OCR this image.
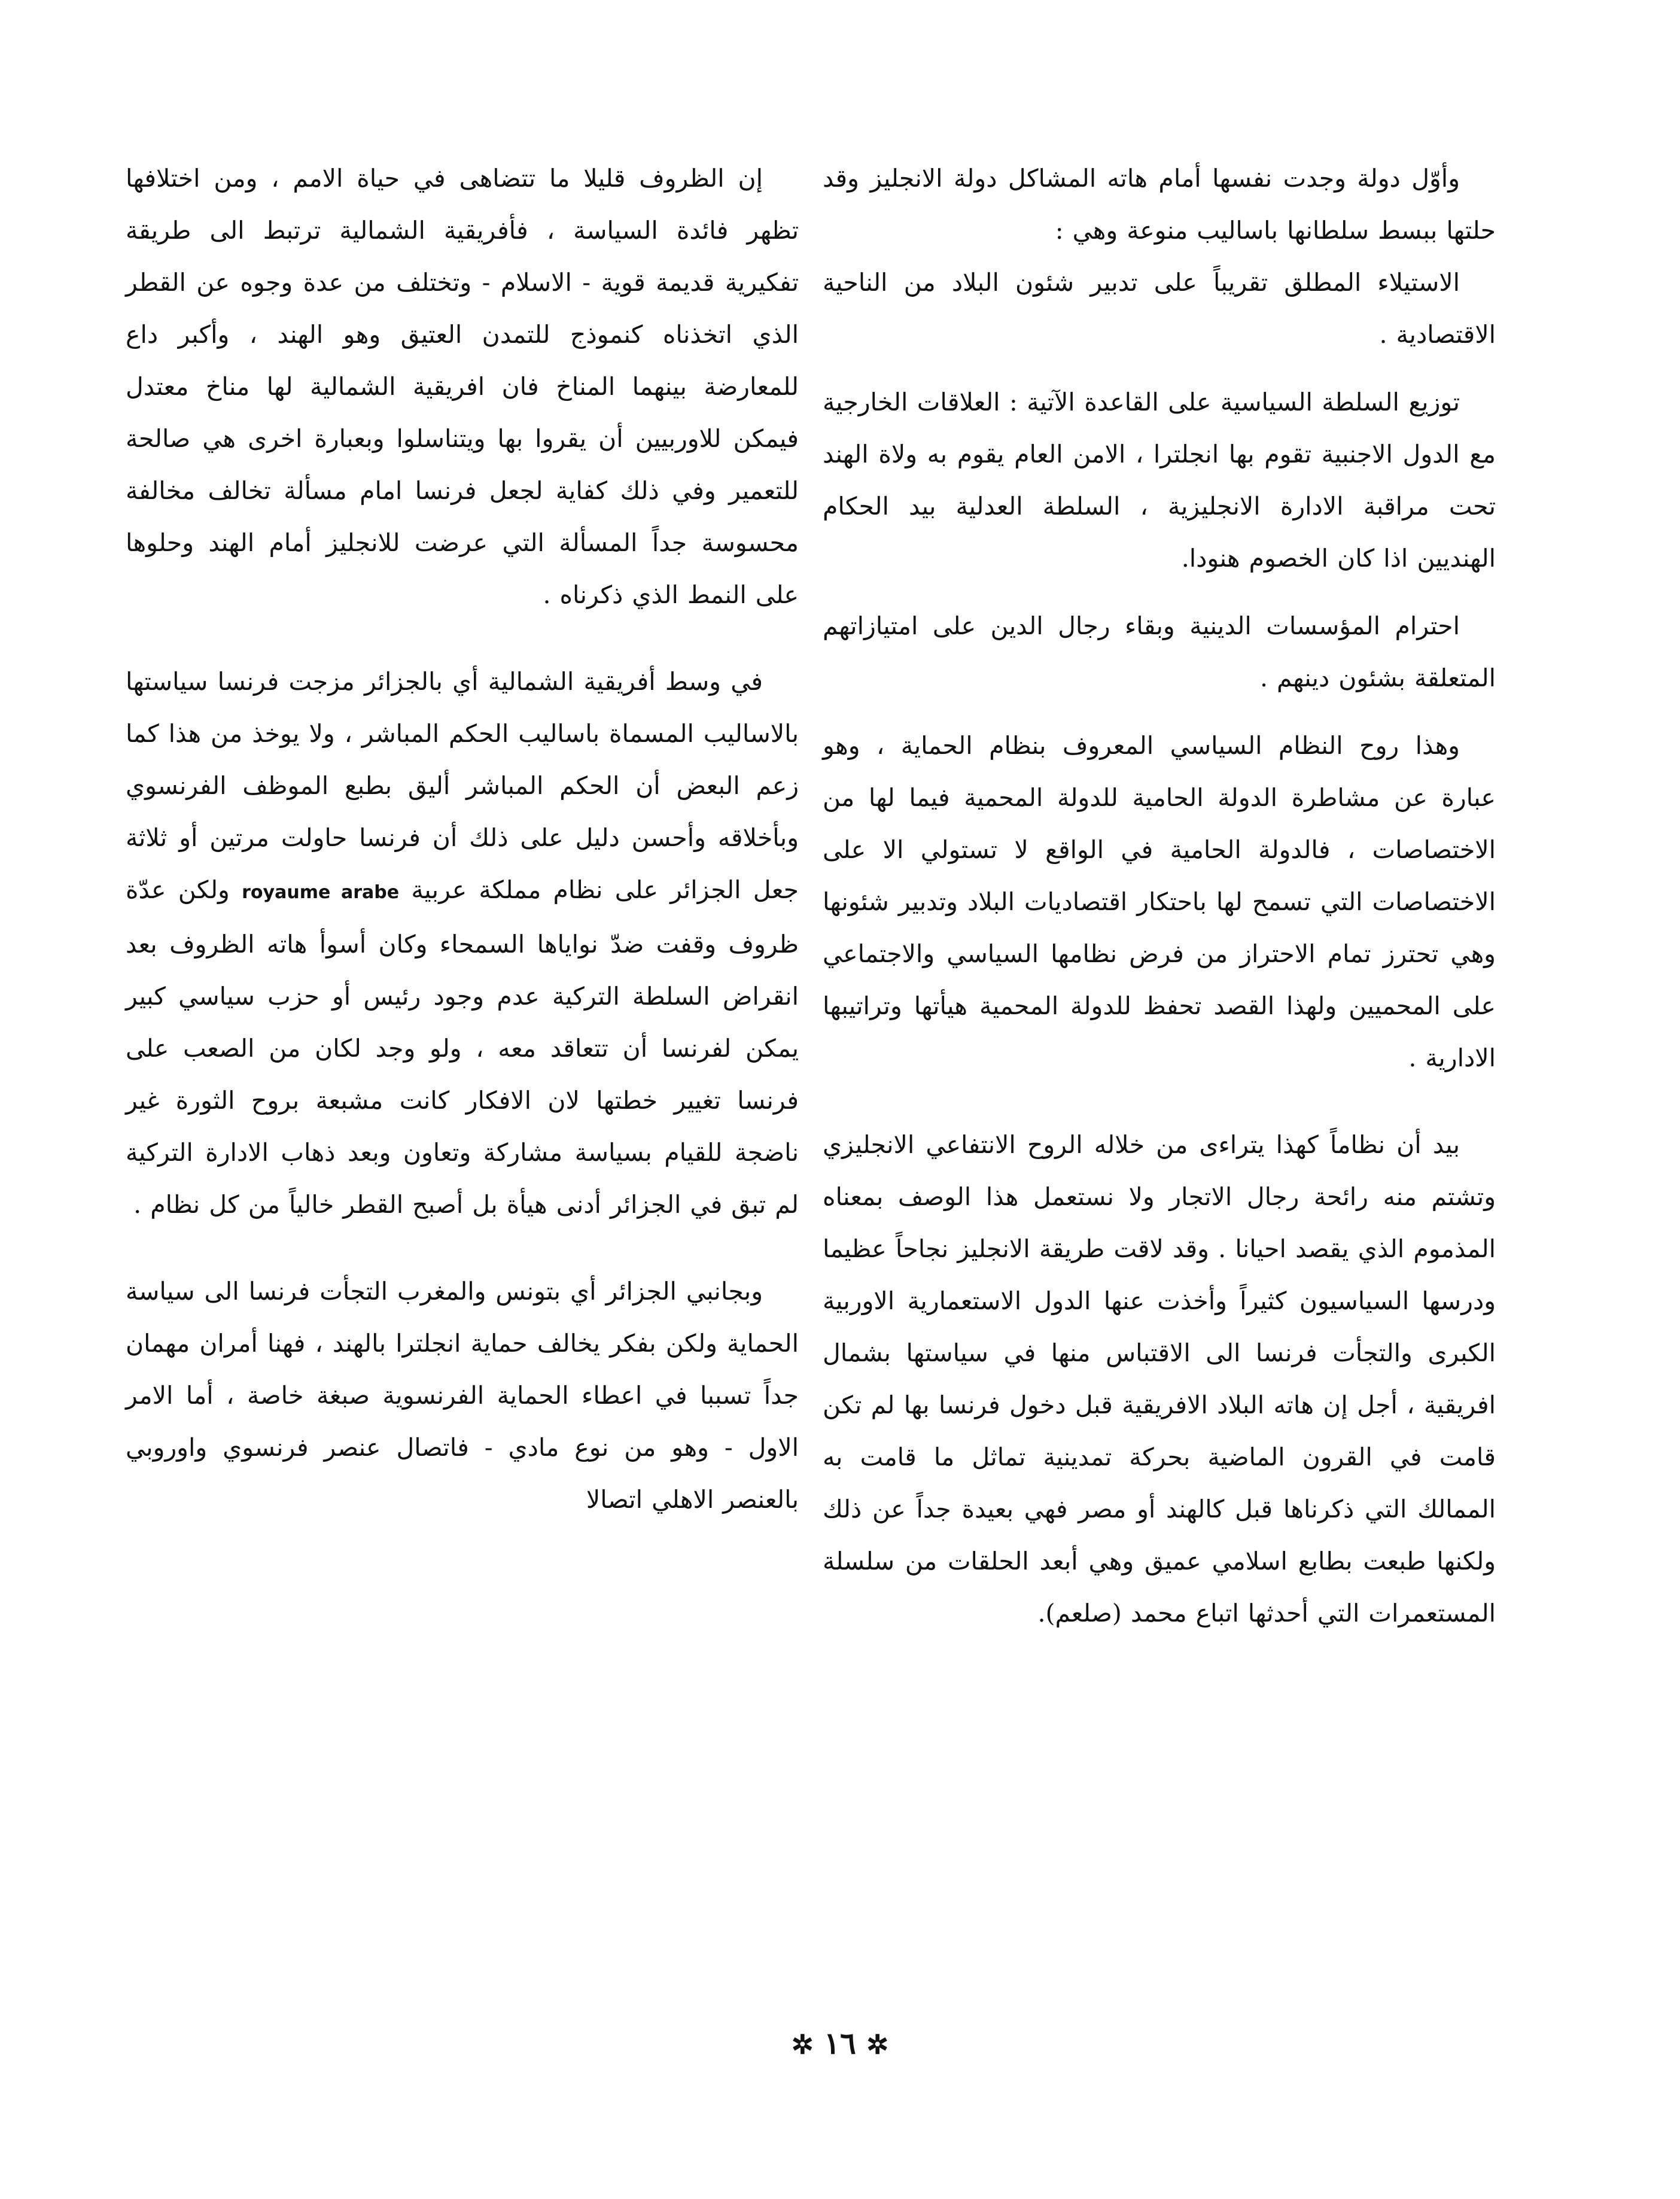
وأوّل دولة وجدت نفسها أمام هاته المشاكل دولة الانجليز وقد حلتها ببسط سلطانها باساليب منوعة وهي :

الاستيلاء المطلق تقريباً على تدبير شئون البلاد من الناحية الاقتصادية .

توزيع السلطة السياسية على القاعدة الآتية : العلاقات الخارجية مع الدول الاجنبية تقوم بها انجلترا ، الامن العام يقوم به ولاة الهند تحت مراقبة الادارة الانجليزية ، السلطة العدلية بيد الحكام الهنديين اذا كان الخصوم هنودا.

احترام المؤسسات الدينية وبقاء رجال الدين على امتيازاتهم المتعلقة بشئون دينهم .

وهذا روح النظام السياسي المعروف بنظام الحماية ، وهو عبارة عن مشاطرة الدولة الحامية للدولة المحمية فيما لها من الاختصاصات ، فالدولة الحامية في الواقع لا تستولي الا على الاختصاصات التي تسمح لها باحتكار اقتصاديات البلاد وتدبير شئونها وهي تحترز تمام الاحتراز من فرض نظامها السياسي والاجتماعي على المحميين ولهذا القصد تحفظ للدولة المحمية هيأتها وتراتيبها الادارية .

بيد أن نظاماً كهذا يتراءى من خلاله الروح الانتفاعي الانجليزي وتشتم منه رائحة رجال الاتجار ولا نستعمل هذا الوصف بمعناه المذموم الذي يقصد احيانا . وقد لاقت طريقة الانجليز نجاحاً عظيما ودرسها السياسيون كثيراً وأخذت عنها الدول الاستعمارية الاوربية الكبرى والتجأت فرنسا الى الاقتباس منها في سياستها بشمال افريقية ، أجل إن هاته البلاد الافريقية قبل دخول فرنسا بها لم تكن قامت في القرون الماضية بحركة تمدينية تماثل ما قامت به الممالك التي ذكرناها قبل كالهند أو مصر فهي بعيدة جداً عن ذلك ولكنها طبعت بطابع اسلامي عميق وهي أبعد الحلقات من سلسلة المستعمرات التي أحدثها اتباع محمد (صلعم).

إن الظروف قليلا ما تتضاهى في حياة الامم ، ومن اختلافها تظهر فائدة السياسة ، فأفريقية الشمالية ترتبط الى طريقة تفكيرية قديمة قوية - الاسلام - وتختلف من عدة وجوه عن القطر الذي اتخذناه كنموذج للتمدن العتيق وهو الهند ، وأكبر داع للمعارضة بينهما المناخ فان افريقية الشمالية لها مناخ معتدل فيمكن للاوربيين أن يقروا بها ويتناسلوا وبعبارة اخرى هي صالحة للتعمير وفي ذلك كفاية لجعل فرنسا امام مسألة تخالف مخالفة محسوسة جداً المسألة التي عرضت للانجليز أمام الهند وحلوها على النمط الذي ذكرناه .

في وسط أفريقية الشمالية أي بالجزائر مزجت فرنسا سياستها بالاساليب المسماة باساليب الحكم المباشر ، ولا يوخذ من هذا كما زعم البعض أن الحكم المباشر أليق بطبع الموظف الفرنسوي وبأخلاقه وأحسن دليل على ذلك أن فرنسا حاولت مرتين أو ثلاثة جعل الجزائر على نظام مملكة عربية royaume arabe ولكن عدّة ظروف وقفت ضدّ نواياها السمحاء وكان أسوأ هاته الظروف بعد انقراض السلطة التركية عدم وجود رئيس أو حزب سياسي كبير يمكن لفرنسا أن تتعاقد معه ، ولو وجد لكان من الصعب على فرنسا تغيير خطتها لان الافكار كانت مشبعة بروح الثورة غير ناضجة للقيام بسياسة مشاركة وتعاون وبعد ذهاب الادارة التركية لم تبق في الجزائر أدنى هيأة بل أصبح القطر خالياً من كل نظام .

وبجانبي الجزائر أي بتونس والمغرب التجأت فرنسا الى سياسة الحماية ولكن بفكر يخالف حماية انجلترا بالهند ، فهنا أمران مهمان جداً تسببا في اعطاء الحماية الفرنسوية صبغة خاصة ، أما الامر الاول - وهو من نوع مادي - فاتصال عنصر فرنسوي واوروبي بالعنصر الاهلي اتصالا

✲ ١٦ ✲
